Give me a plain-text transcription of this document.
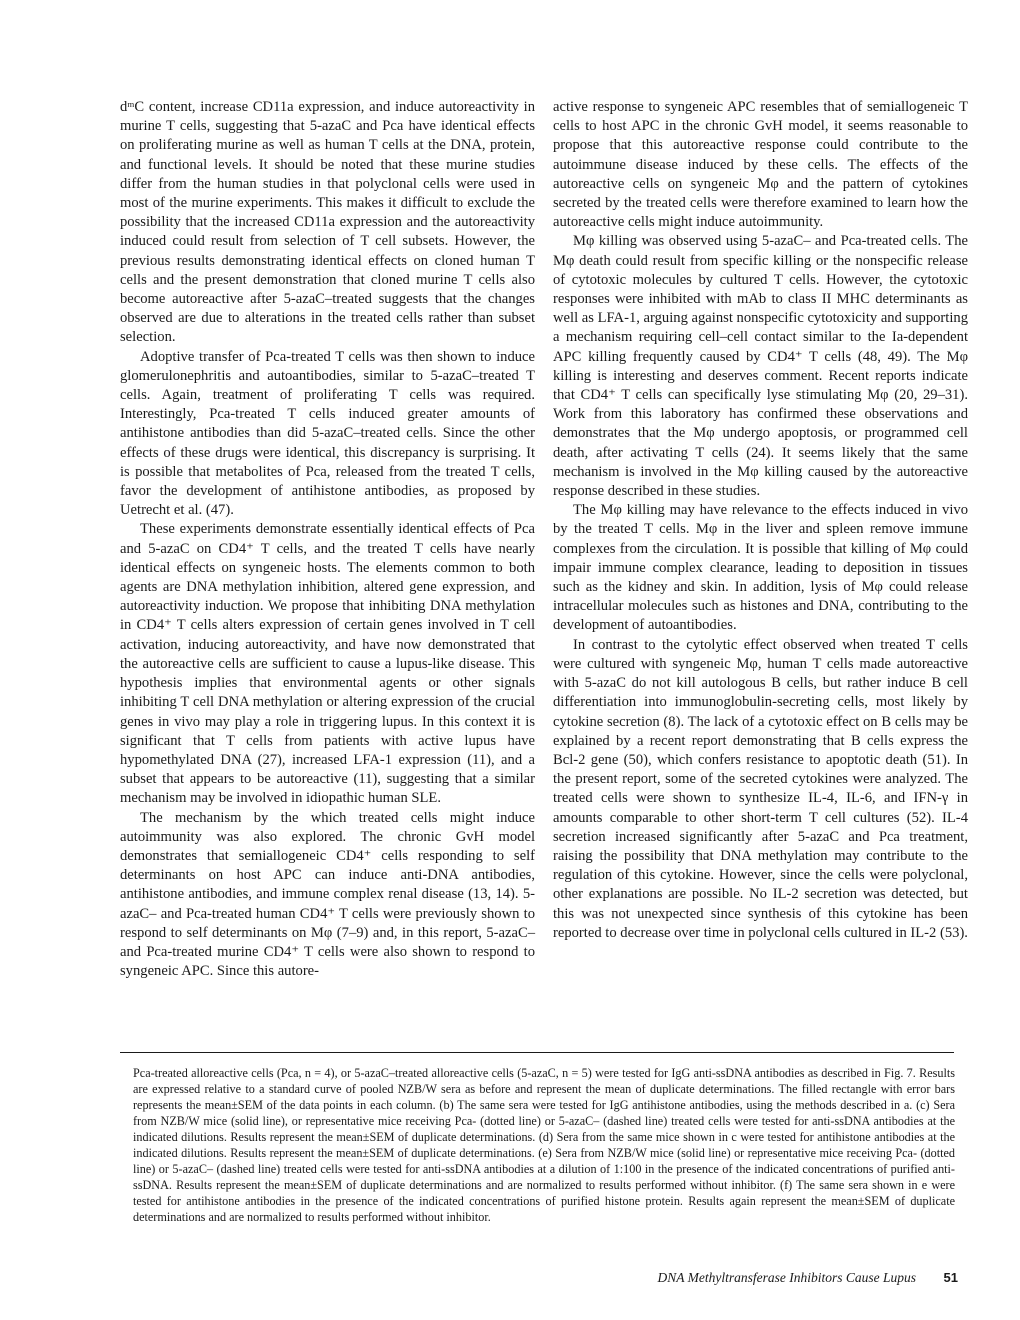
dᵐC content, increase CD11a expression, and induce autoreactivity in murine T cells, suggesting that 5-azaC and Pca have identical effects on proliferating murine as well as human T cells at the DNA, protein, and functional levels. It should be noted that these murine studies differ from the human studies in that polyclonal cells were used in most of the murine experiments. This makes it difficult to exclude the possibility that the increased CD11a expression and the autoreactivity induced could result from selection of T cell subsets. However, the previous results demonstrating identical effects on cloned human T cells and the present demonstration that cloned murine T cells also become autoreactive after 5-azaC–treated suggests that the changes observed are due to alterations in the treated cells rather than subset selection.

Adoptive transfer of Pca-treated T cells was then shown to induce glomerulonephritis and autoantibodies, similar to 5-azaC–treated T cells. Again, treatment of proliferating T cells was required. Interestingly, Pca-treated T cells induced greater amounts of antihistone antibodies than did 5-azaC–treated cells. Since the other effects of these drugs were identical, this discrepancy is surprising. It is possible that metabolites of Pca, released from the treated T cells, favor the development of antihistone antibodies, as proposed by Uetrecht et al. (47).

These experiments demonstrate essentially identical effects of Pca and 5-azaC on CD4⁺ T cells, and the treated T cells have nearly identical effects on syngeneic hosts. The elements common to both agents are DNA methylation inhibition, altered gene expression, and autoreactivity induction. We propose that inhibiting DNA methylation in CD4⁺ T cells alters expression of certain genes involved in T cell activation, inducing autoreactivity, and have now demonstrated that the autoreactive cells are sufficient to cause a lupus-like disease. This hypothesis implies that environmental agents or other signals inhibiting T cell DNA methylation or altering expression of the crucial genes in vivo may play a role in triggering lupus. In this context it is significant that T cells from patients with active lupus have hypomethylated DNA (27), increased LFA-1 expression (11), and a subset that appears to be autoreactive (11), suggesting that a similar mechanism may be involved in idiopathic human SLE.

The mechanism by the which treated cells might induce autoimmunity was also explored. The chronic GvH model demonstrates that semiallogeneic CD4⁺ cells responding to self determinants on host APC can induce anti-DNA antibodies, antihistone antibodies, and immune complex renal disease (13, 14). 5-azaC– and Pca-treated human CD4⁺ T cells were previously shown to respond to self determinants on Mφ (7–9) and, in this report, 5-azaC– and Pca-treated murine CD4⁺ T cells were also shown to respond to syngeneic APC. Since this autore-

active response to syngeneic APC resembles that of semiallogeneic T cells to host APC in the chronic GvH model, it seems reasonable to propose that this autoreactive response could contribute to the autoimmune disease induced by these cells. The effects of the autoreactive cells on syngeneic Mφ and the pattern of cytokines secreted by the treated cells were therefore examined to learn how the autoreactive cells might induce autoimmunity.

Mφ killing was observed using 5-azaC– and Pca-treated cells. The Mφ death could result from specific killing or the nonspecific release of cytotoxic molecules by cultured T cells. However, the cytotoxic responses were inhibited with mAb to class II MHC determinants as well as LFA-1, arguing against nonspecific cytotoxicity and supporting a mechanism requiring cell–cell contact similar to the Ia-dependent APC killing frequently caused by CD4⁺ T cells (48, 49). The Mφ killing is interesting and deserves comment. Recent reports indicate that CD4⁺ T cells can specifically lyse stimulating Mφ (20, 29–31). Work from this laboratory has confirmed these observations and demonstrates that the Mφ undergo apoptosis, or programmed cell death, after activating T cells (24). It seems likely that the same mechanism is involved in the Mφ killing caused by the autoreactive response described in these studies.

The Mφ killing may have relevance to the effects induced in vivo by the treated T cells. Mφ in the liver and spleen remove immune complexes from the circulation. It is possible that killing of Mφ could impair immune complex clearance, leading to deposition in tissues such as the kidney and skin. In addition, lysis of Mφ could release intracellular molecules such as histones and DNA, contributing to the development of autoantibodies.

In contrast to the cytolytic effect observed when treated T cells were cultured with syngeneic Mφ, human T cells made autoreactive with 5-azaC do not kill autologous B cells, but rather induce B cell differentiation into immunoglobulin-secreting cells, most likely by cytokine secretion (8). The lack of a cytotoxic effect on B cells may be explained by a recent report demonstrating that B cells express the Bcl-2 gene (50), which confers resistance to apoptotic death (51). In the present report, some of the secreted cytokines were analyzed. The treated cells were shown to synthesize IL-4, IL-6, and IFN-γ in amounts comparable to other short-term T cell cultures (52). IL-4 secretion increased significantly after 5-azaC and Pca treatment, raising the possibility that DNA methylation may contribute to the regulation of this cytokine. However, since the cells were polyclonal, other explanations are possible. No IL-2 secretion was detected, but this was not unexpected since synthesis of this cytokine has been reported to decrease over time in polyclonal cells cultured in IL-2 (53).

Pca-treated alloreactive cells (Pca, n = 4), or 5-azaC–treated alloreactive cells (5-azaC, n = 5) were tested for IgG anti-ssDNA antibodies as described in Fig. 7. Results are expressed relative to a standard curve of pooled NZB/W sera as before and represent the mean of duplicate determinations. The filled rectangle with error bars represents the mean±SEM of the data points in each column. (b) The same sera were tested for IgG antihistone antibodies, using the methods described in a. (c) Sera from NZB/W mice (solid line), or representative mice receiving Pca- (dotted line) or 5-azaC– (dashed line) treated cells were tested for anti-ssDNA antibodies at the indicated dilutions. Results represent the mean±SEM of duplicate determinations. (d) Sera from the same mice shown in c were tested for antihistone antibodies at the indicated dilutions. Results represent the mean±SEM of duplicate determinations. (e) Sera from NZB/W mice (solid line) or representative mice receiving Pca- (dotted line) or 5-azaC– (dashed line) treated cells were tested for anti-ssDNA antibodies at a dilution of 1:100 in the presence of the indicated concentrations of purified anti-ssDNA. Results represent the mean±SEM of duplicate determinations and are normalized to results performed without inhibitor. (f) The same sera shown in e were tested for antihistone antibodies in the presence of the indicated concentrations of purified histone protein. Results again represent the mean±SEM of duplicate determinations and are normalized to results performed without inhibitor.

DNA Methyltransferase Inhibitors Cause Lupus 51
